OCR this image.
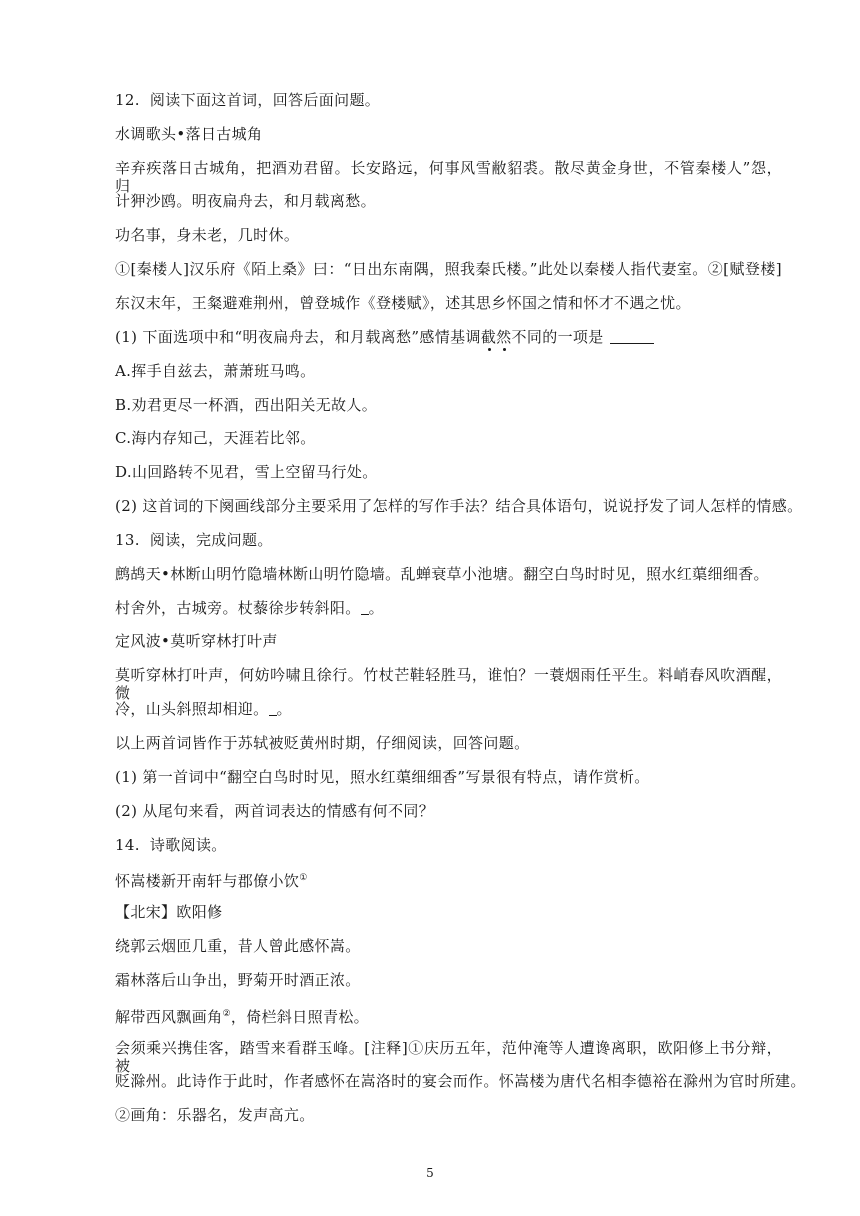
12. 阅读下面这首词，回答后面问题。
水调歌头•落日古城角
辛弃疾落日古城角，把酒劝君留。长安路远，何事风雪敝貂裘。散尽黄金身世，不管秦楼人”怨，归
计狎沙鸥。明夜扁舟去，和月载离愁。
功名事，身未老，几时休。
①[秦楼人]汉乐府《陌上桑》曰：“日出东南隅，照我秦氏楼。”此处以秦楼人指代妻室。②[赋登楼]
东汉末年，王粲避难荆州，曾登城作《登楼赋》，述其思乡怀国之情和怀才不遇之忧。
(1) 下面选项中和“明夜扁舟去，和月载离愁”感情基调截然不同的一项是
A.挥手自兹去，萧萧班马鸣。
B.劝君更尽一杯酒，西出阳关无故人。
C.海内存知己，天涯若比邻。
D.山回路转不见君，雪上空留马行处。
(2) 这首词的下阕画线部分主要采用了怎样的写作手法？结合具体语句，说说抒发了词人怎样的情感。
13. 阅读，完成问题。
鹧鸪天•林断山明竹隐墙林断山明竹隐墙。乱蝉衰草小池塘。翻空白鸟时时见，照水红蕖细细香。
村舍外，古城旁。杖藜徐步转斜阳。 。
定风波•莫听穿林打叶声
莫听穿林打叶声，何妨吟啸且徐行。竹杖芒鞋轻胜马，谁怕？一蓑烟雨任平生。料峭春风吹酒醒，微
冷，山头斜照却相迎。 。
以上两首词皆作于苏轼被贬黄州时期，仔细阅读，回答问题。
(1) 第一首词中“翻空白鸟时时见，照水红蕖细细香”写景很有特点，请作赏析。
(2) 从尾句来看，两首词表达的情感有何不同？
14. 诗歌阅读。
怀嵩楼新开南轩与郡僚小饮①
【北宋】欧阳修
绕郭云烟匝几重，昔人曾此感怀嵩。
霜林落后山争出，野菊开时酒正浓。
解带西风飘画角②，倚栏斜日照青松。
会须乘兴携佳客，踏雪来看群玉峰。[注释]①庆历五年，范仲淹等人遭谗离职，欧阳修上书分辩，被
贬滁州。此诗作于此时，作者感怀在嵩洛时的宴会而作。怀嵩楼为唐代名相李德裕在滁州为官时所建。
②画角：乐器名，发声高亢。
5
